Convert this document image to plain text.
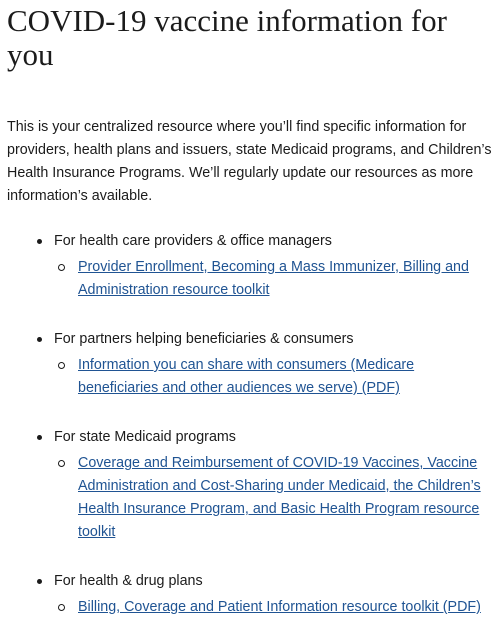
COVID-19 vaccine information for you

This is your centralized resource where you’ll find specific information for providers, health plans and issuers, state Medicaid programs, and Children’s Health Insurance Programs. We’ll regularly update our resources as more information’s available.

For health care providers & office managers
Provider Enrollment, Becoming a Mass Immunizer, Billing and Administration resource toolkit
For partners helping beneficiaries & consumers
Information you can share with consumers (Medicare beneficiaries and other audiences we serve) (PDF)
For state Medicaid programs
Coverage and Reimbursement of COVID-19 Vaccines, Vaccine Administration and Cost-Sharing under Medicaid, the Children’s Health Insurance Program, and Basic Health Program resource toolkit
For health & drug plans
Billing, Coverage and Patient Information resource toolkit (PDF)
